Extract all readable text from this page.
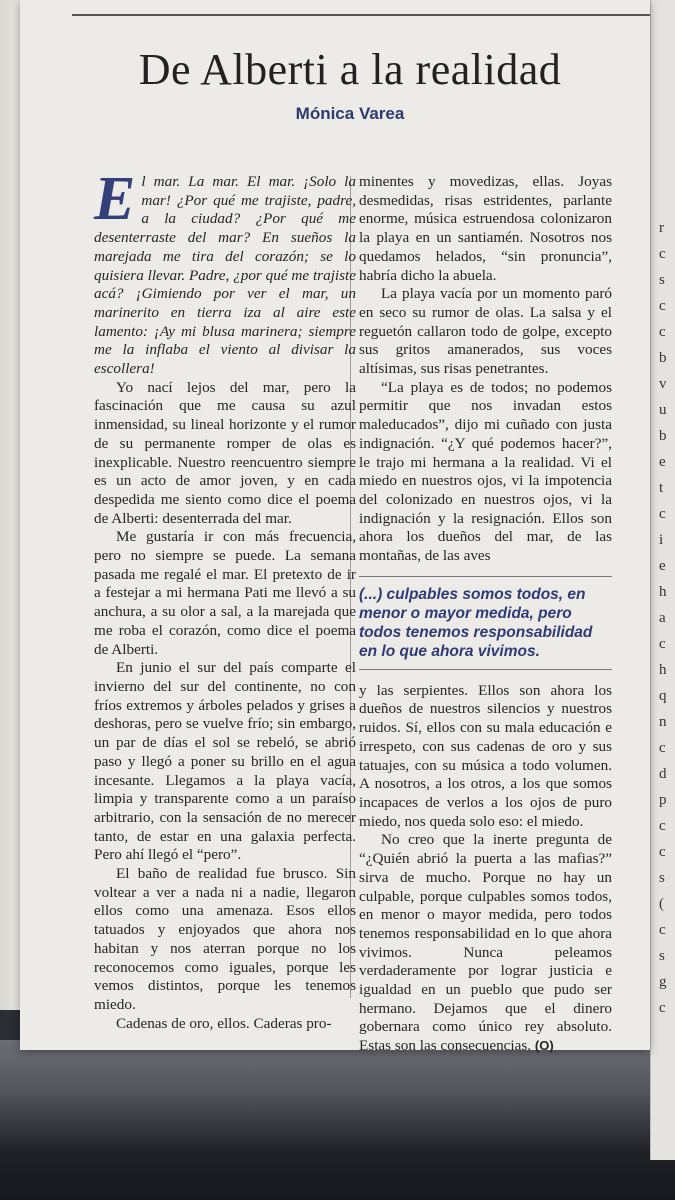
r
c
s
c
c
b
v
u
b
e
t
c
i
e
h
a
c
h
q
n
c
d
p
c
c
s
(
c
s
g
c
De Alberti a la realidad
Mónica Varea

El mar. La mar. El mar. ¡Solo la mar! ¿Por qué me trajiste, padre, a la ciudad? ¿Por qué me desenterraste del mar? En sueños la marejada me tira del corazón; se lo quisiera llevar. Padre, ¿por qué me trajiste acá? ¡Gimiendo por ver el mar, un marinerito en tierra iza al aire este lamento: ¡Ay mi blusa marinera; siempre me la inflaba el viento al divisar la escollera!

Yo nací lejos del mar, pero la fascinación que me causa su azul inmensidad, su lineal horizonte y el rumor de su permanente romper de olas es inexplicable. Nuestro reencuentro siempre es un acto de amor joven, y en cada despedida me siento como dice el poema de Alberti: desenterrada del mar.

Me gustaría ir con más frecuencia, pero no siempre se puede. La semana pasada me regalé el mar. El pretexto de ir a festejar a mi hermana Pati me llevó a su anchura, a su olor a sal, a la marejada que me roba el corazón, como dice el poema de Alberti.

En junio el sur del país comparte el invierno del sur del continente, no con fríos extremos y árboles pelados y grises a deshoras, pero se vuelve frío; sin embargo, un par de días el sol se rebeló, se abrió paso y llegó a poner su brillo en el agua incesante. Llegamos a la playa vacía, limpia y transparente como a un paraíso arbitrario, con la sensación de no merecer tanto, de estar en una galaxia perfecta. Pero ahí llegó el “pero”.

El baño de realidad fue brusco. Sin voltear a ver a nada ni a nadie, llegaron ellos como una amenaza. Esos ellos tatuados y enjoyados que ahora nos habitan y nos aterran porque no los reconocemos como iguales, porque les vemos distintos, porque les tenemos miedo.

Cadenas de oro, ellos. Caderas pro-

minentes y movedizas, ellas. Joyas desmedidas, risas estridentes, parlante enorme, música estruendosa colonizaron la playa en un santiamén. Nosotros nos quedamos helados, “sin pronuncia”, habría dicho la abuela.

La playa vacía por un momento paró en seco su rumor de olas. La salsa y el reguetón callaron todo de golpe, excepto sus gritos amanerados, sus voces altísimas, sus risas penetrantes.

“La playa es de todos; no podemos permitir que nos invadan estos maleducados”, dijo mi cuñado con justa indignación. “¿Y qué podemos hacer?”, le trajo mi hermana a la realidad. Vi el miedo en nuestros ojos, vi la impotencia del colonizado en nuestros ojos, vi la indignación y la resignación. Ellos son ahora los dueños del mar, de las montañas, de las aves

(...) culpables somos todos, en menor o mayor medida, pero todos tenemos responsabilidad en lo que ahora vivimos.

y las serpientes. Ellos son ahora los dueños de nuestros silencios y nuestros ruidos. Sí, ellos con su mala educación e irrespeto, con sus cadenas de oro y sus tatuajes, con su música a todo volumen. A nosotros, a los otros, a los que somos incapaces de verlos a los ojos de puro miedo, nos queda solo eso: el miedo.

No creo que la inerte pregunta de “¿Quién abrió la puerta a las mafias?” sirva de mucho. Porque no hay un culpable, porque culpables somos todos, en menor o mayor medida, pero todos tenemos responsabilidad en lo que ahora vivimos. Nunca peleamos verdaderamente por lograr justicia e igualdad en un pueblo que pudo ser hermano. Dejamos que el dinero gobernara como único rey absoluto. Estas son las consecuencias. (O)
